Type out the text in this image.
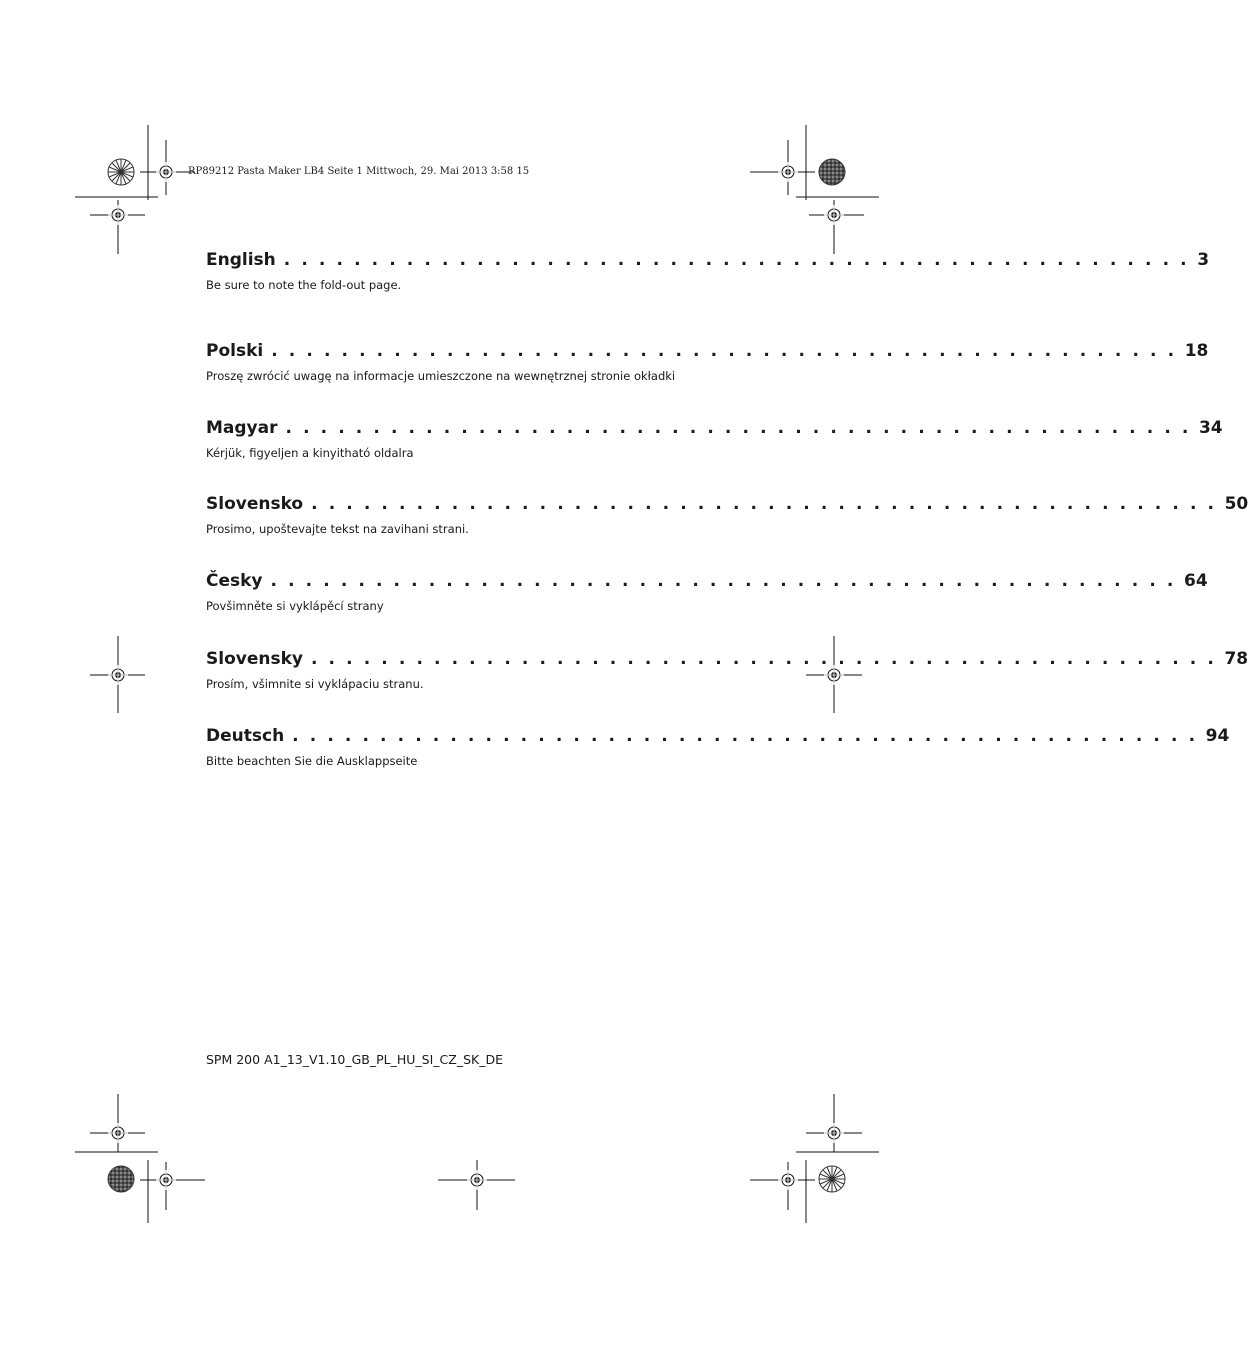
RP89212 Pasta Maker LB4 Seite 1 Mittwoch, 29. Mai 2013 3:58 15
English . . . . . . . . . . . . . . . . . . . . . . . . . . . . . . . . . . . . . . . . . . . . . . . . . . . . 3
Be sure to note the fold-out page.
Polski . . . . . . . . . . . . . . . . . . . . . . . . . . . . . . . . . . . . . . . . . . . . . . . . . . . . 18
Proszę zwrócić uwagę na informacje umieszczone na wewnętrznej stronie okładki
Magyar . . . . . . . . . . . . . . . . . . . . . . . . . . . . . . . . . . . . . . . . . . . . . . . . . . . . 34
Kérjük, figyeljen a kinyitható oldalra
Slovensko . . . . . . . . . . . . . . . . . . . . . . . . . . . . . . . . . . . . . . . . . . . . . . . . . . . . 50
Prosimo, upoštevajte tekst na zavihani strani.
Česky . . . . . . . . . . . . . . . . . . . . . . . . . . . . . . . . . . . . . . . . . . . . . . . . . . . . 64
Povšimněte si vyklápěcí strany
Slovensky . . . . . . . . . . . . . . . . . . . . . . . . . . . . . . . . . . . . . . . . . . . . . . . . . . . . 78
Prosím, všimnite si vyklápaciu stranu.
Deutsch . . . . . . . . . . . . . . . . . . . . . . . . . . . . . . . . . . . . . . . . . . . . . . . . . . . . 94
Bitte beachten Sie die Ausklappseite
SPM 200 A1_13_V1.10_GB_PL_HU_SI_CZ_SK_DE
